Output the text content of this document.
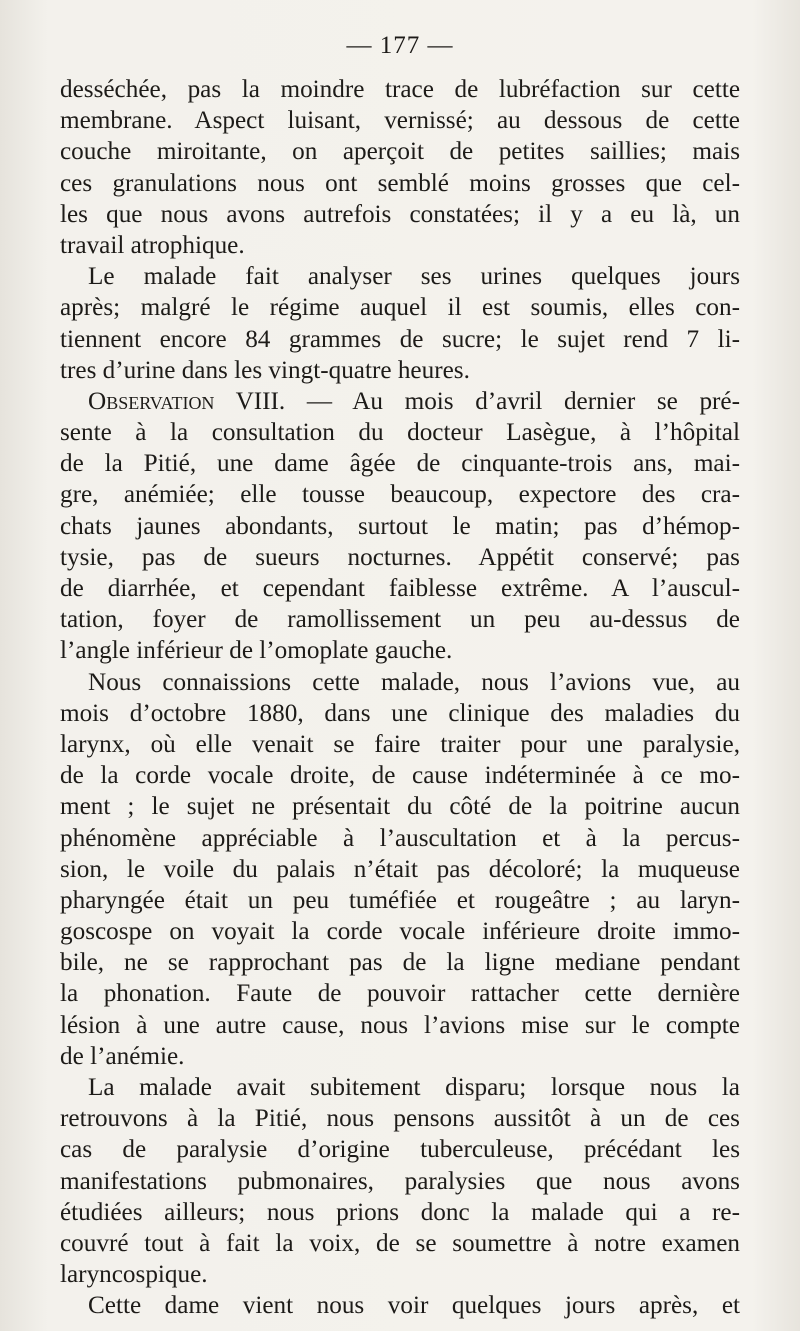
— 177 —
desséchée, pas la moindre trace de lubréfaction sur cette
membrane. Aspect luisant, vernissé; au dessous de cette
couche miroitante, on aperçoit de petites saillies; mais
ces granulations nous ont semblé moins grosses que cel-
les que nous avons autrefois constatées; il y a eu là, un
travail atrophique.
Le malade fait analyser ses urines quelques jours
après; malgré le régime auquel il est soumis, elles con-
tiennent encore 84 grammes de sucre; le sujet rend 7 li-
tres d’urine dans les vingt-quatre heures.
Observation VIII. — Au mois d’avril dernier se pré-
sente à la consultation du docteur Lasègue, à l’hôpital
de la Pitié, une dame âgée de cinquante-trois ans, mai-
gre, anémiée; elle tousse beaucoup, expectore des cra-
chats jaunes abondants, surtout le matin; pas d’hémop-
tysie, pas de sueurs nocturnes. Appétit conservé; pas
de diarrhée, et cependant faiblesse extrême. A l’auscul-
tation, foyer de ramollissement un peu au-dessus de
l’angle inférieur de l’omoplate gauche.
Nous connaissions cette malade, nous l’avions vue, au
mois d’octobre 1880, dans une clinique des maladies du
larynx, où elle venait se faire traiter pour une paralysie,
de la corde vocale droite, de cause indéterminée à ce mo-
ment ; le sujet ne présentait du côté de la poitrine aucun
phénomène appréciable à l’auscultation et à la percus-
sion, le voile du palais n’était pas décoloré; la muqueuse
pharyngée était un peu tuméfiée et rougeâtre ; au laryn-
goscospe on voyait la corde vocale inférieure droite immo-
bile, ne se rapprochant pas de la ligne mediane pendant
la phonation. Faute de pouvoir rattacher cette dernière
lésion à une autre cause, nous l’avions mise sur le compte
de l’anémie.
La malade avait subitement disparu; lorsque nous la
retrouvons à la Pitié, nous pensons aussitôt à un de ces
cas de paralysie d’origine tuberculeuse, précédant les
manifestations pubmonaires, paralysies que nous avons
étudiées ailleurs; nous prions donc la malade qui a re-
couvré tout à fait la voix, de se soumettre à notre examen
laryncospique.
Cette dame vient nous voir quelques jours après, et
